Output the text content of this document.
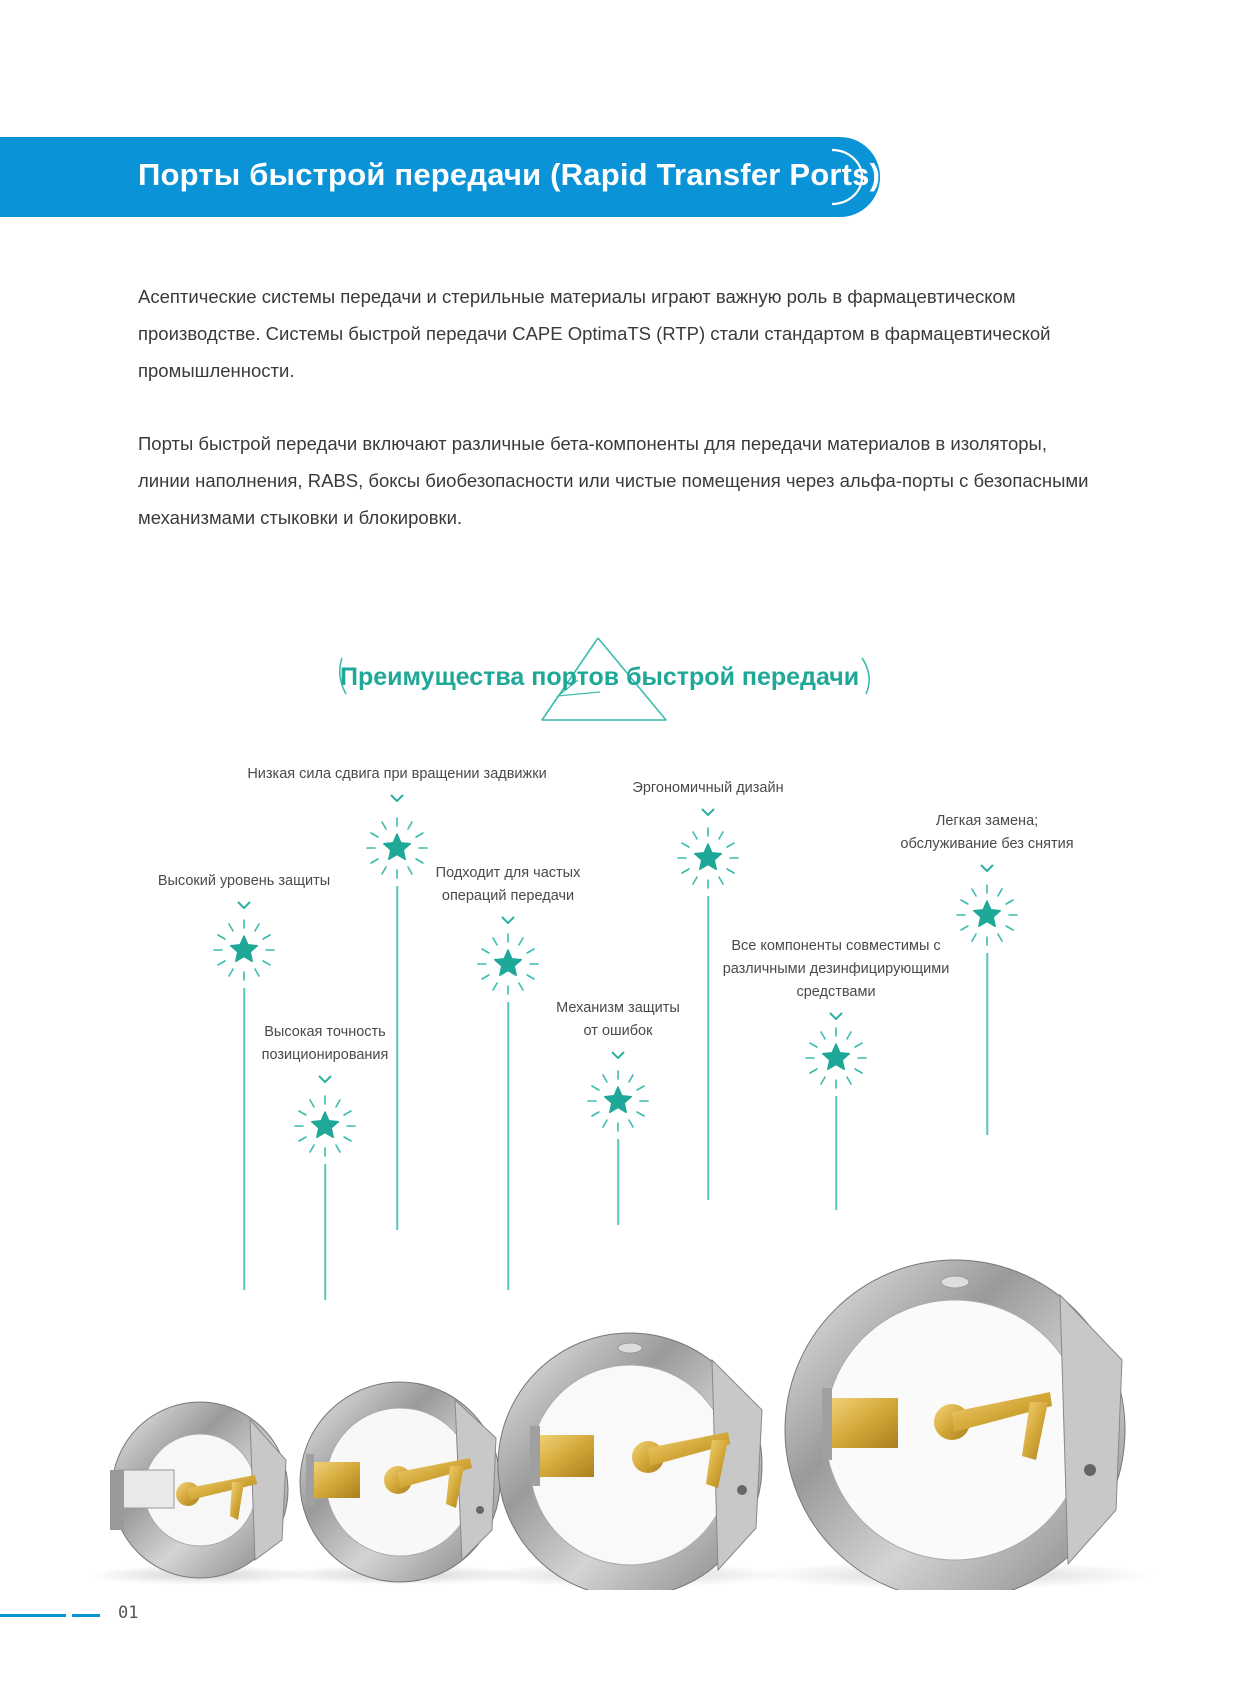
Порты быстрой передачи (Rapid Transfer Ports)

Асептические системы передачи и стерильные материалы играют важную роль в фармацевтическом производстве. Системы быстрой передачи CAPE OptimaTS (RTP) стали стандартом в фармацевтической промышленности.

Порты быстрой передачи включают различные бета-компоненты для передачи материалов в изоляторы, линии наполнения, RABS, боксы биобезопасности или чистые помещения через альфа-порты с безопасными механизмами стыковки и блокировки.

Преимущества портов быстрой передачи
Высокий уровень защиты
Высокая точность
позиционирования
Низкая сила сдвига при вращении задвижки
Подходит для частых
операций передачи
Механизм защиты
от ошибок
Эргономичный дизайн
Все компоненты совместимы с
различными дезинфицирующими
средствами
Легкая замена;
обслуживание без снятия
01
